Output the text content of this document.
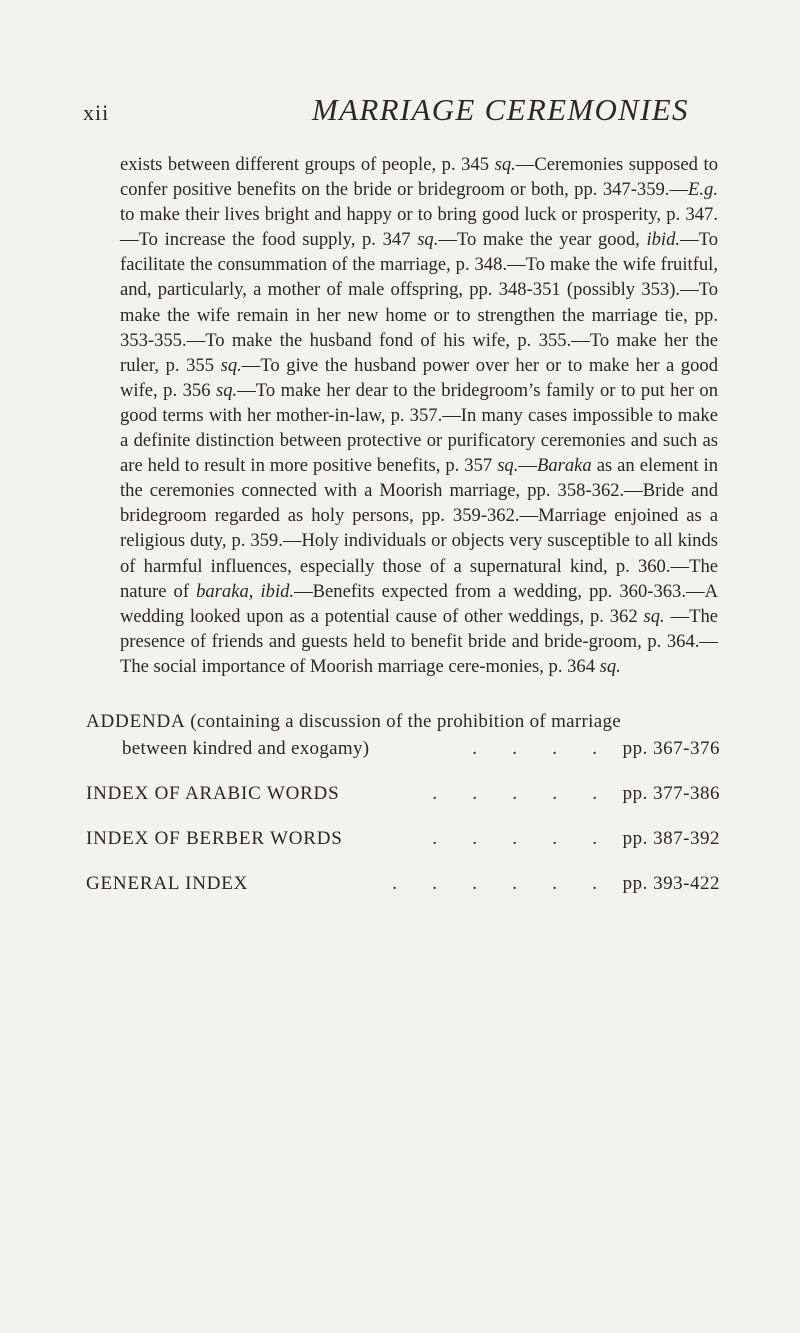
xii	MARRIAGE CEREMONIES

exists between different groups of people, p. 345 sq.—Ceremonies supposed to confer positive benefits on the bride or bridegroom or both, pp. 347-359.—E.g. to make their lives bright and happy or to bring good luck or prosperity, p. 347.—To increase the food supply, p. 347 sq.—To make the year good, ibid.—To facilitate the consummation of the marriage, p. 348.—To make the wife fruitful, and, particularly, a mother of male offspring, pp. 348-351 (possibly 353).—To make the wife remain in her new home or to strengthen the marriage tie, pp. 353-355.—To make the husband fond of his wife, p. 355.—To make her the ruler, p. 355 sq.—To give the husband power over her or to make her a good wife, p. 356 sq.—To make her dear to the bridegroom’s family or to put her on good terms with her mother-in-law, p. 357.—In many cases impossible to make a definite distinction between protective or purificatory ceremonies and such as are held to result in more positive benefits, p. 357 sq.—Baraka as an element in the ceremonies connected with a Moorish marriage, pp. 358-362.—Bride and bridegroom regarded as holy persons, pp. 359-362.—Marriage enjoined as a religious duty, p. 359.—Holy individuals or objects very susceptible to all kinds of harmful influences, especially those of a supernatural kind, p. 360.—The nature of baraka, ibid.—Benefits expected from a wedding, pp. 360-363.—A wedding looked upon as a potential cause of other weddings, p. 362 sq. —The presence of friends and guests held to benefit bride and bride-groom, p. 364.—The social importance of Moorish marriage cere-monies, p. 364 sq.

ADDENDA
(containing a discussion of the prohibition of marriage
between kindred and exogamy)	.	.	.	.	pp. 367-376
INDEX OF ARABIC WORDS	.	.	.	.	.	pp. 377-386
INDEX OF BERBER WORDS	.	.	.	.	.	pp. 387-392
GENERAL INDEX	.	.	.	.	.	.	pp. 393-422
